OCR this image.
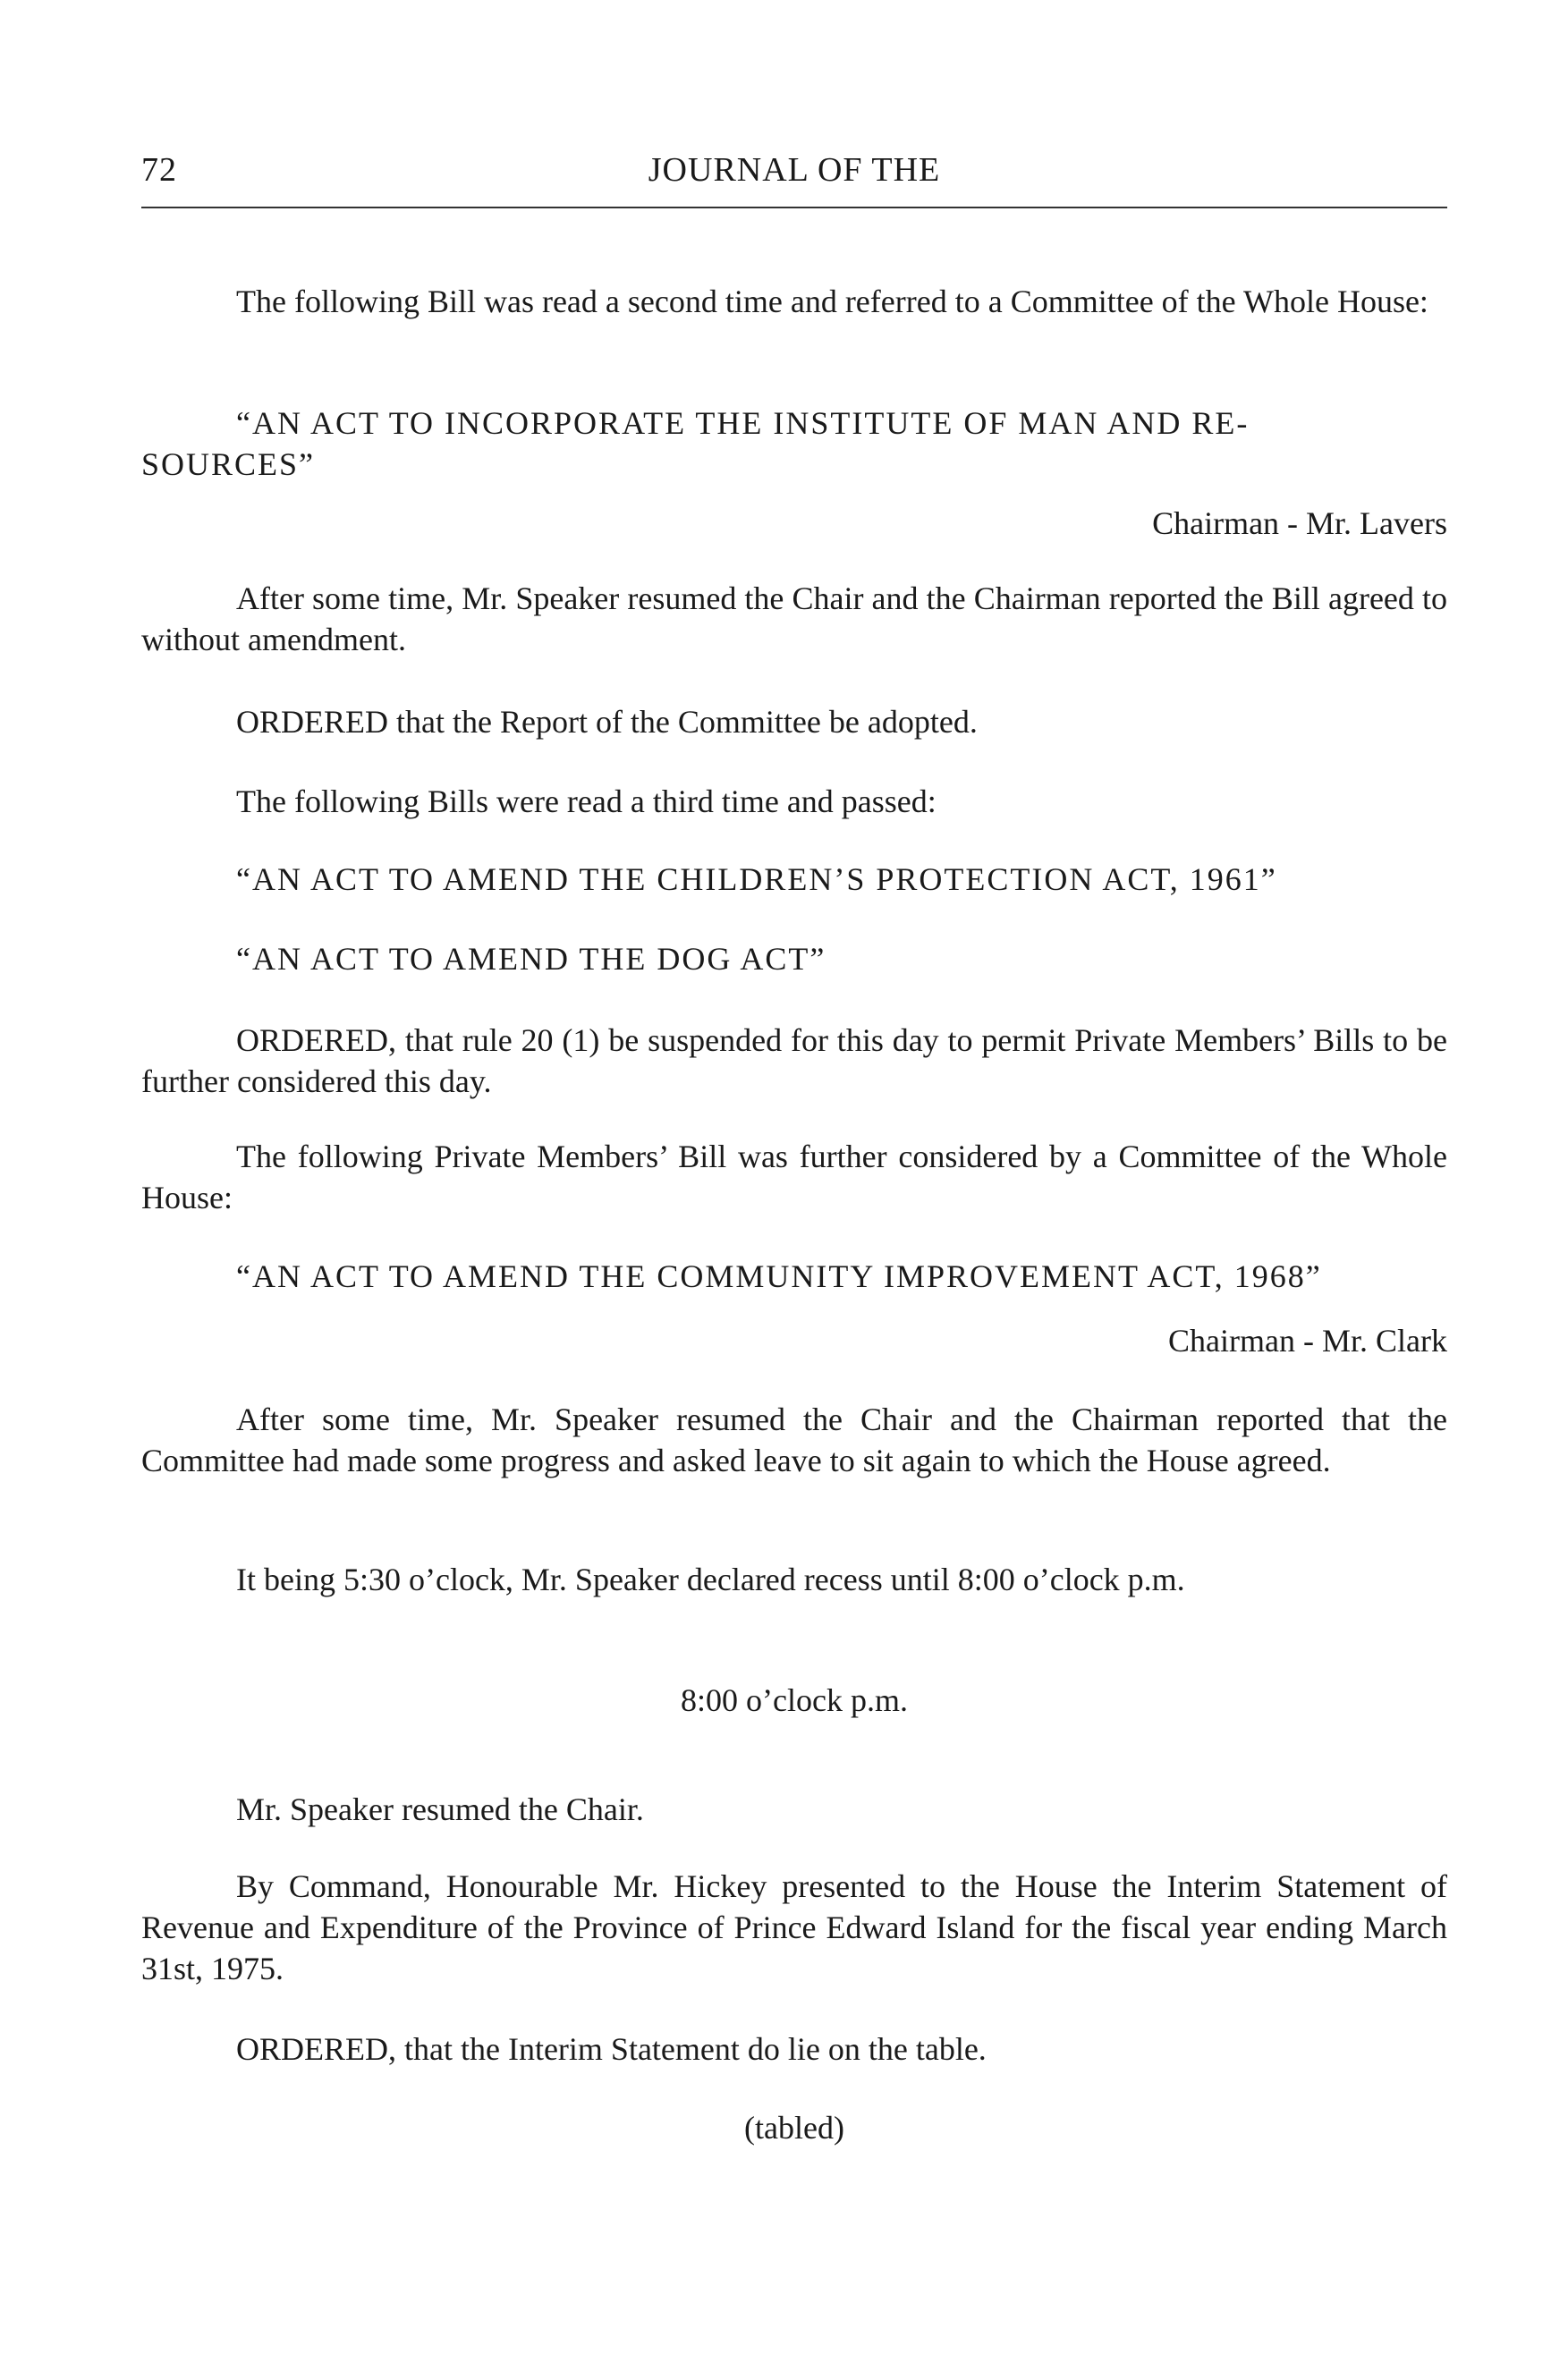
72	JOURNAL OF THE
The following Bill was read a second time and referred to a Committee of the Whole House:
“AN ACT TO INCORPORATE THE INSTITUTE OF MAN AND RE-
SOURCES”
Chairman - Mr. Lavers
After some time, Mr. Speaker resumed the Chair and the Chairman reported the Bill agreed to without amendment.
ORDERED that the Report of the Committee be adopted.
The following Bills were read a third time and passed:
“AN ACT TO AMEND THE CHILDREN’S PROTECTION ACT, 1961”
“AN ACT TO AMEND THE DOG ACT”
ORDERED, that rule 20 (1) be suspended for this day to permit Private Members’ Bills to be further considered this day.
The following Private Members’ Bill was further considered by a Committee of the Whole House:
“AN ACT TO AMEND THE COMMUNITY IMPROVEMENT ACT, 1968”
Chairman - Mr. Clark
After some time, Mr. Speaker resumed the Chair and the Chairman reported that the Committee had made some progress and asked leave to sit again to which the House agreed.
It being 5:30 o’clock, Mr. Speaker declared recess until 8:00 o’clock p.m.
8:00 o’clock p.m.
Mr. Speaker resumed the Chair.
By Command, Honourable Mr. Hickey presented to the House the Interim Statement of Revenue and Expenditure of the Province of Prince Edward Island for the fiscal year ending March 31st, 1975.
ORDERED, that the Interim Statement do lie on the table.
(tabled)
